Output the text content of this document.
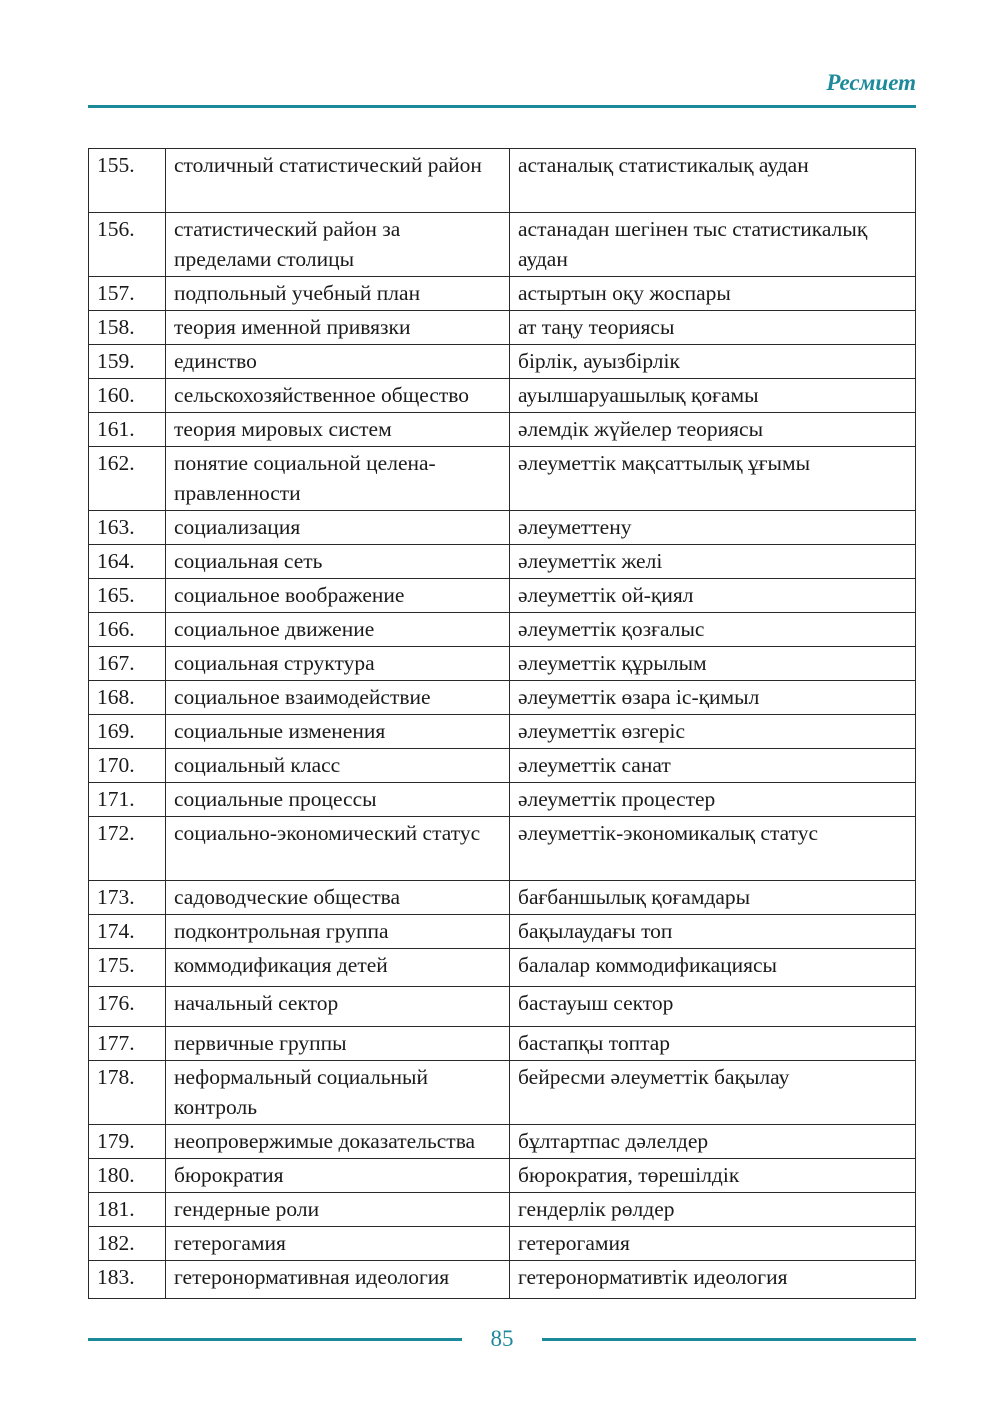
Ресмиет
155.	столичный статистический район	астаналық статистикалық аудан
156.	статистический район за пределами столицы	астанадан шегінен тыс статистикалық аудан
157.	подпольный учебный план	астыртын оқу жоспары
158.	теория именной привязки	ат таңу теориясы
159.	единство	бірлік, ауызбірлік
160.	сельскохозяйственное общество	ауылшаруашылық қоғамы
161.	теория мировых систем	әлемдік жүйелер теориясы
162.	понятие социальной целена-правленности	әлеуметтік мақсаттылық ұғымы
163.	социализация	әлеуметтену
164.	социальная сеть	әлеуметтік желі
165.	социальное воображение	әлеуметтік ой-қиял
166.	социальное движение	әлеуметтік қозғалыс
167.	социальная структура	әлеуметтік құрылым
168.	социальное взаимодействие	әлеуметтік өзара іс-қимыл
169.	социальные изменения	әлеуметтік өзгеріс
170.	социальный класс	әлеуметтік санат
171.	социальные процессы	әлеуметтік процестер
172.	социально-экономический статус	әлеуметтік-экономикалық статус
173.	садоводческие общества	бағбаншылық қоғамдары
174.	подконтрольная группа	бақылаудағы топ
175.	коммодификация детей	балалар коммодификациясы
176.	начальный сектор	бастауыш сектор
177.	первичные группы	бастапқы топтар
178.	неформальный социальный контроль	бейресми әлеуметтік бақылау
179.	неопровержимые доказательства	бұлтартпас дәлелдер
180.	бюрократия	бюрократия, төрешілдік
181.	гендерные роли	гендерлік рөлдер
182.	гетерогамия	гетерогамия
183.	гетеронормативная идеология	гетеронормативтік идеология
85
